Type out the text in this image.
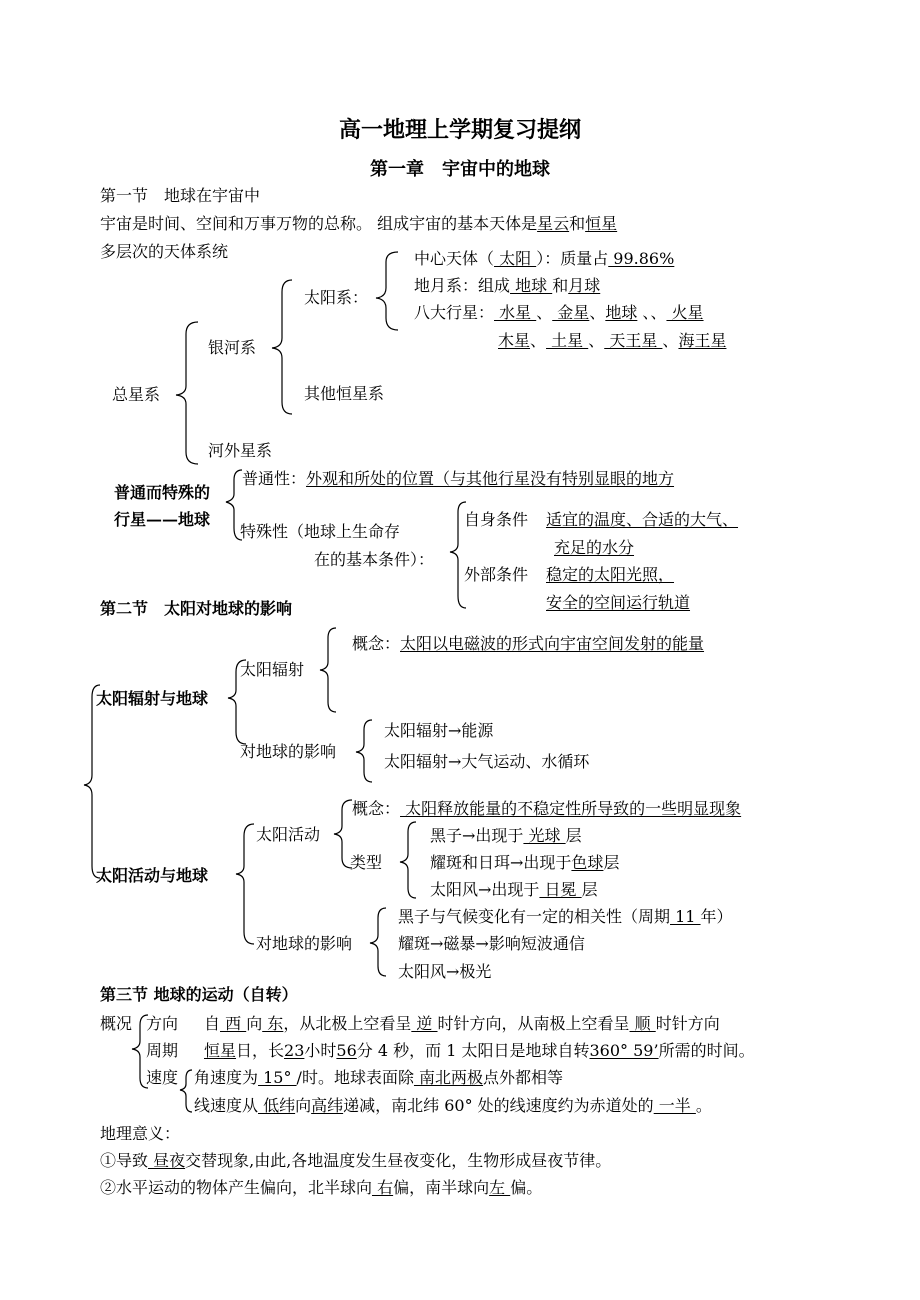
高一地理上学期复习提纲
第一章　宇宙中的地球
第一节　地球在宇宙中
宇宙是时间、空间和万事万物的总称。 组成宇宙的基本天体是星云和恒星
多层次的天体系统	中心天体（ 太阳 ）：质量占 99.86%
地月系：组成 地球 和月球
八大行星： 水星 、 金星、地球 、、 火星
木星、 土星 、 天王星 、海王星
太阳系：
银河系
其他恒星系
总星系
河外星系
普通而特殊的
行星——地球
普通性：外观和所处的位置（与其他行星没有特别显眼的地方
特殊性（地球上生命存
在的基本条件）：
自身条件 适宜的温度、合适的大气、
充足的水分
外部条件 稳定的太阳光照，
安全的空间运行轨道
第二节　太阳对地球的影响
概念：太阳以电磁波的形式向宇宙空间发射的能量
太阳辐射
太阳辐射与地球
对地球的影响
太阳辐射→能源
太阳辐射→大气运动、水循环
概念： 太阳释放能量的不稳定性所导致的一些明显现象
太阳活动
类型
黑子→出现于 光球 层
耀斑和日珥→出现于色球层
太阳风→出现于 日冕 层
太阳活动与地球
对地球的影响
黑子与气候变化有一定的相关性（周期 11 年）
耀斑→磁暴→影响短波通信
太阳风→极光
第三节 地球的运动（自转）
概况 方向 自 西 向 东，从北极上空看呈 逆 时针方向，从南极上空看呈 顺 时针方向
周期 恒星日，长23小时56分 4 秒，而 1 太阳日是地球自转360° 59’所需的时间。
速度 角速度为 15° /时。地球表面除 南北两极点外都相等
线速度从 低纬向高纬递减，南北纬 60° 处的线速度约为赤道处的 一半 。
地理意义：
①导致 昼夜交替现象,由此,各地温度发生昼夜变化，生物形成昼夜节律。
②水平运动的物体产生偏向，北半球向 右偏，南半球向左 偏。
